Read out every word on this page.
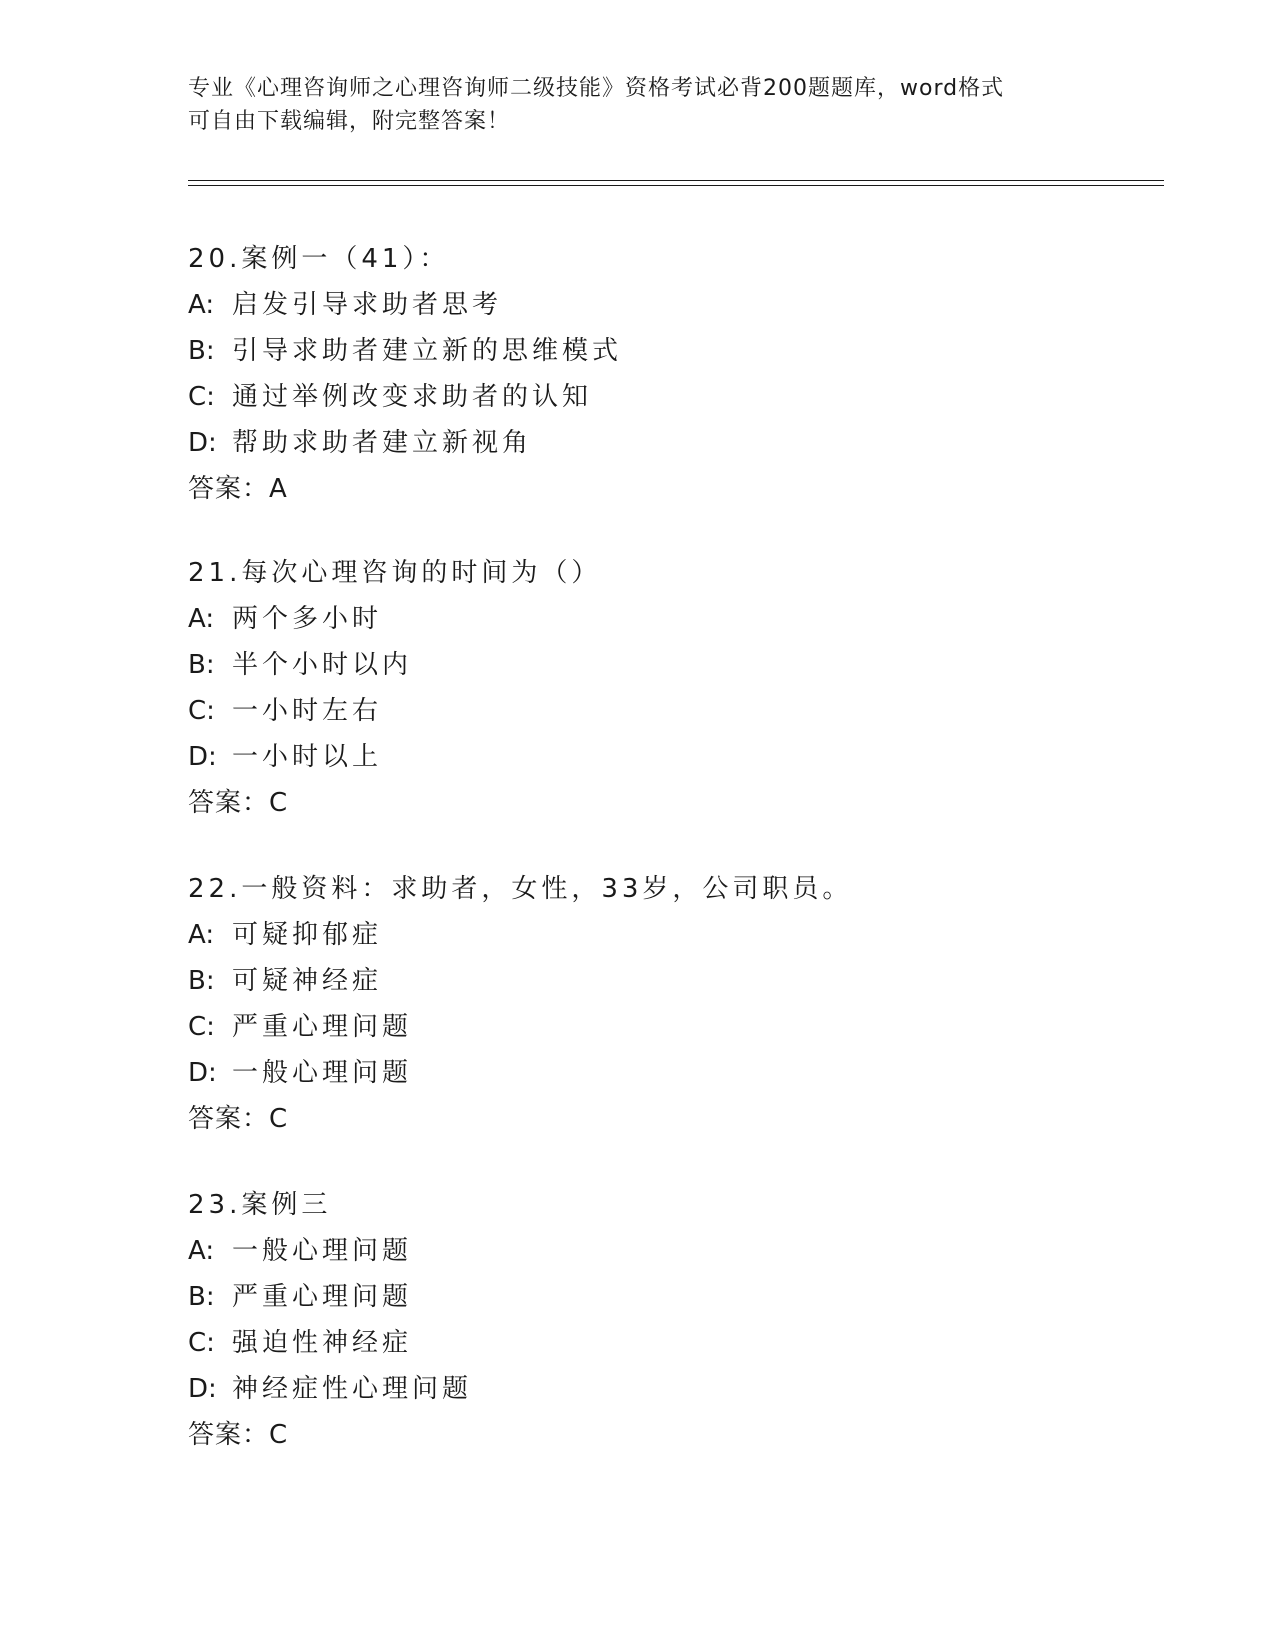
专业《心理咨询师之心理咨询师二级技能》资格考试必背200题题库，word格式
可自由下载编辑，附完整答案！
20.案例一（41）：
A: 启发引导求助者思考
B: 引导求助者建立新的思维模式
C: 通过举例改变求助者的认知
D: 帮助求助者建立新视角
答案：A
21.每次心理咨询的时间为（）
A: 两个多小时
B: 半个小时以内
C: 一小时左右
D: 一小时以上
答案：C
22.一般资料：求助者，女性，33岁，公司职员。
A: 可疑抑郁症
B: 可疑神经症
C: 严重心理问题
D: 一般心理问题
答案：C
23.案例三
A: 一般心理问题
B: 严重心理问题
C: 强迫性神经症
D: 神经症性心理问题
答案：C
